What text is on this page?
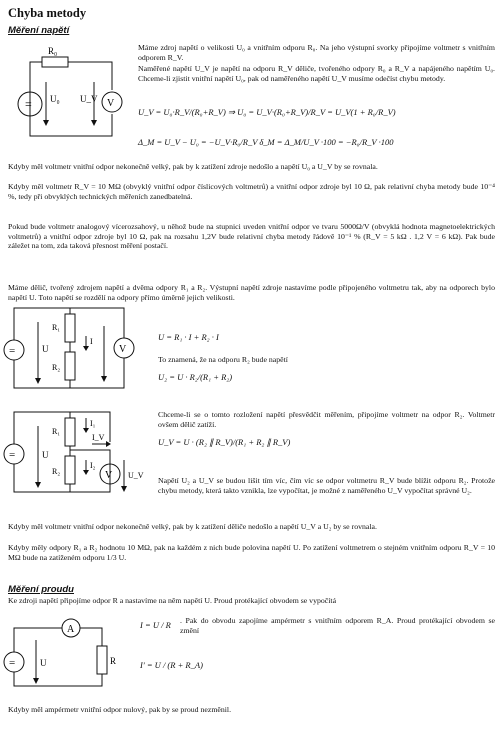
Chyba metody
Měření napětí
R₀
= U₀ U_V V
Máme zdroj napětí o velikosti U₀ a vnitřním odporu R₀. Na jeho výstupní svorky připojíme voltmetr s vnitřním odporem R_V.
Naměřené napětí U_V je napětí na odporu R_V děliče, tvořeného odpory R₀ a R_V a napájeného napětím U₀. Chceme-li zjistit vnitřní napětí U₀, pak od naměřeného napětí U_V musíme odečíst chybu metody.
U_V = U₀·R_V/(R₀+R_V) ⇒ U₀ = U_V·(R₀+R_V)/R_V = U_V(1 + R₀/R_V)
Δ_M = U_V − U₀ = −U_V·R₀/R_V δ_M = Δ_M/U_V ·100 = −R₀/R_V ·100
Kdyby měl voltmetr vnitřní odpor nekonečně velký, pak by k zatížení zdroje nedošlo a napětí U₀ a U_V by se rovnala.
Kdyby měl voltmetr R_V = 10 MΩ (obvyklý vnitřní odpor číslicových voltmetrů) a vnitřní odpor zdroje byl 10 Ω, pak relativní chyba metody bude 10⁻⁴ %, tedy při obvyklých technických měřeních zanedbatelná.
Pokud bude voltmetr analogový vícerozsahový, u něhož bude na stupnici uveden vnitřní odpor ve tvaru 5000Ω/V (obvyklá hodnota magnetoelektrických voltmetrů) a vnitřní odpor zdroje byl 10 Ω, pak na rozsahu 1,2V bude relativní chyba metody řádově 10⁻¹ % (R_V = 5 kΩ . 1,2 V = 6 kΩ). Pak bude záležet na tom, zda taková přesnost měření postačí.
Máme dělič, tvořený zdrojem napětí a dvěma odpory R₁ a R₂. Výstupní napětí zdroje nastavíme podle připojeného voltmetru tak, aby na odporech bylo napětí U. Toto napětí se rozdělí na odpory přímo úměrně jejich velikosti.
=	U
R₁
R₂
I
V
U = R₁ · I + R₂ · I
To znamená, že na odporu R₂ bude napětí
U₂ = U · R₂/(R₁ + R₂)
=	U
R₁
R₂
I₁
I₂
I_V
V U_V
Chceme-li se o tomto rozložení napětí přesvědčit měřením, připojíme voltmetr na odpor R₂. Voltmetr ovšem dělič zatíží.
U_V = U · (R₂ ∥ R_V)/(R₁ + R₂ ∥ R_V)
Napětí U₂ a U_V se budou lišit tím víc, čím víc se odpor voltmetru R_V bude blížit odporu R₂. Protože chybu metody, která takto vznikla, lze vypočítat, je možné z naměřeného U_V vypočítat správné U₂.
Kdyby měl voltmetr vnitřní odpor nekonečně velký, pak by k zatížení děliče nedošlo a napětí U_V a U₂ by se rovnala.
Kdyby měly odpory R₁ a R₂ hodnotu 10 MΩ, pak na každém z nich bude polovina napětí U. Po zatížení voltmetrem o stejném vnitřním odporu R_V = 10 MΩ bude na zatíženém odporu 1/3 U.
Měření proudu
Ke zdroji napětí připojíme odpor R a nastavíme na něm napětí U. Proud protékající obvodem se vypočítá
=	U
A
R
I = U / R . Pak do obvodu zapojíme ampérmetr s vnitřním odporem R_A. Proud protékající obvodem se změní
I′ = U / (R + R_A)
Kdyby měl ampérmetr vnitřní odpor nulový, pak by se proud nezměnil.
